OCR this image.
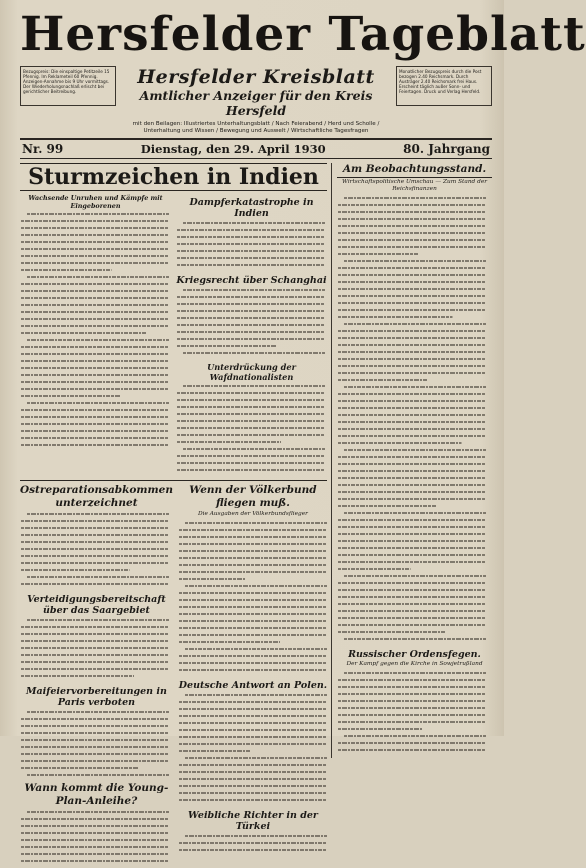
Hersfelder Tageblatt
Bezugspreis: Die einspaltige Petitzeile 15 Pfennig. Im Reklameteil 60 Pfennig. Anzeigen-Annahme bis 9 Uhr vormittags. Der Wiederholungsnachlaß erlischt bei gerichtlicher Beitreibung.
Hersfelder Kreisblatt
Amtlicher Anzeiger für den Kreis Hersfeld
mit den Beilagen: Illustriertes Unterhaltungsblatt / Nach Feierabend / Herd und Scholle / Unterhaltung und Wissen / Bewegung und Auswelt / Wirtschaftliche Tagesfragen
Monatlicher Bezugspreis durch die Post bezogen 2.40 Reichsmark. Durch Austräger 2.40 Reichsmark frei Haus. Erscheint täglich außer Sonn- und Feiertagen. Druck und Verlag Hersfeld.
Nr. 99	Dienstag, den 29. April 1930	80. Jahrgang
Sturmzeichen in Indien
Wachsende Unruhen und Kämpfe mit Eingeborenen	Dampferkatastrophe in Indien
Kriegsrecht über Schanghai
Unterdrückung der Wafdnationalisten
Ostreparationsabkommen unterzeichnet
Verteidigungsbereitschaft über das Saargebiet
Maifeiervorbereitungen in Paris verboten
Wann kommt die Young-Plan-Anleihe?
Wenn der Völkerbund fliegen muß.
Die Ausgaben der Völkerbundsflieger
Deutsche Antwort an Polen.
Weibliche Richter in der Türkei
Am Beobachtungsstand.
Wirtschaftspolitische Umschau — Zum Stand der Reichsfinanzen
Russischer Ordensfegen.
Der Kampf gegen die Kirche in Sowjetrußland
